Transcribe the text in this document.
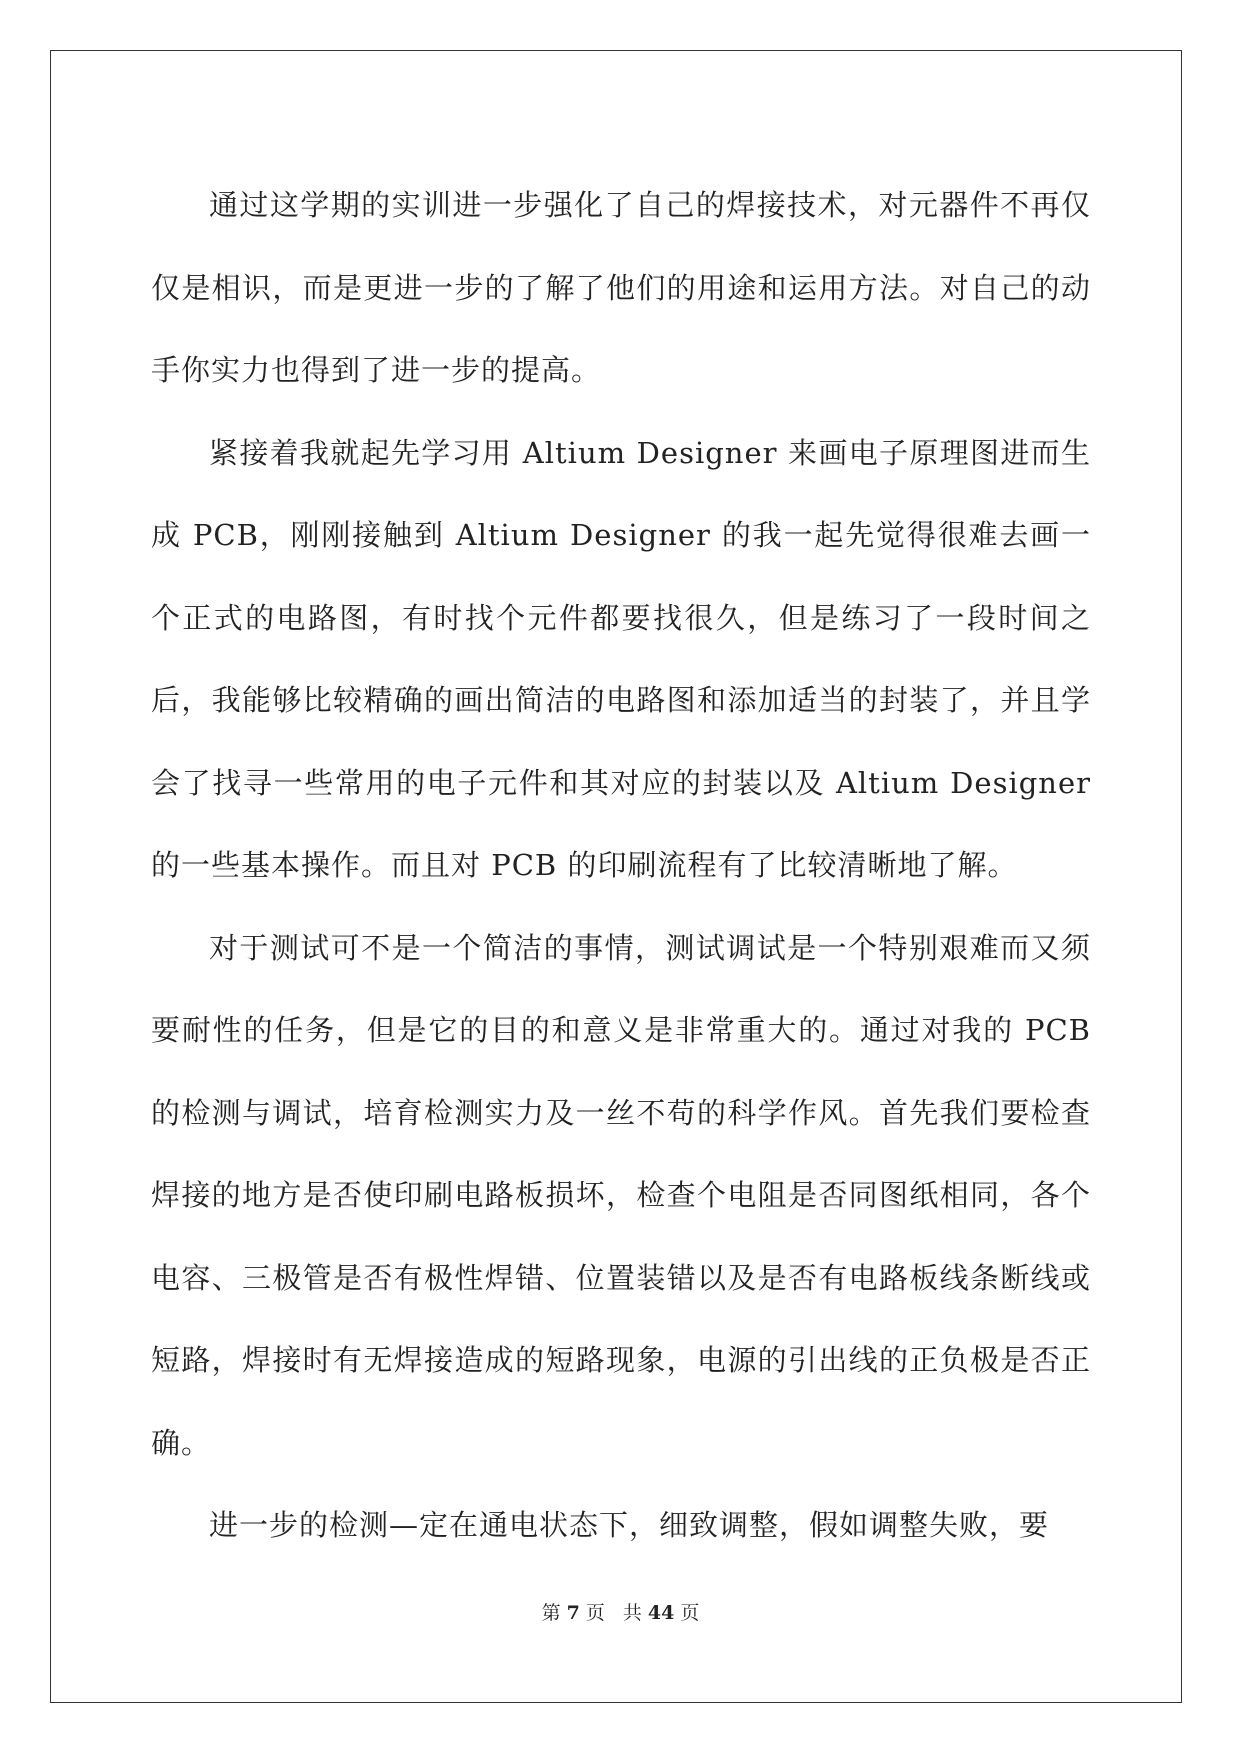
通过这学期的实训进一步强化了自己的焊接技术，对元器件不再仅仅是相识，而是更进一步的了解了他们的用途和运用方法。对自己的动手你实力也得到了进一步的提高。

紧接着我就起先学习用 Altium Designer 来画电子原理图进而生成 PCB，刚刚接触到 Altium Designer 的我一起先觉得很难去画一个正式的电路图，有时找个元件都要找很久，但是练习了一段时间之后，我能够比较精确的画出简洁的电路图和添加适当的封装了，并且学会了找寻一些常用的电子元件和其对应的封装以及 Altium Designer 的一些基本操作。而且对 PCB 的印刷流程有了比较清晰地了解。

对于测试可不是一个简洁的事情，测试调试是一个特别艰难而又须要耐性的任务，但是它的目的和意义是非常重大的。通过对我的 PCB 的检测与调试，培育检测实力及一丝不苟的科学作风。首先我们要检查焊接的地方是否使印刷电路板损坏，检查个电阻是否同图纸相同，各个电容、三极管是否有极性焊错、位置装错以及是否有电路板线条断线或短路，焊接时有无焊接造成的短路现象，电源的引出线的正负极是否正确。

进一步的检测—定在通电状态下，细致调整，假如调整失败，要

第 7 页 共 44 页
